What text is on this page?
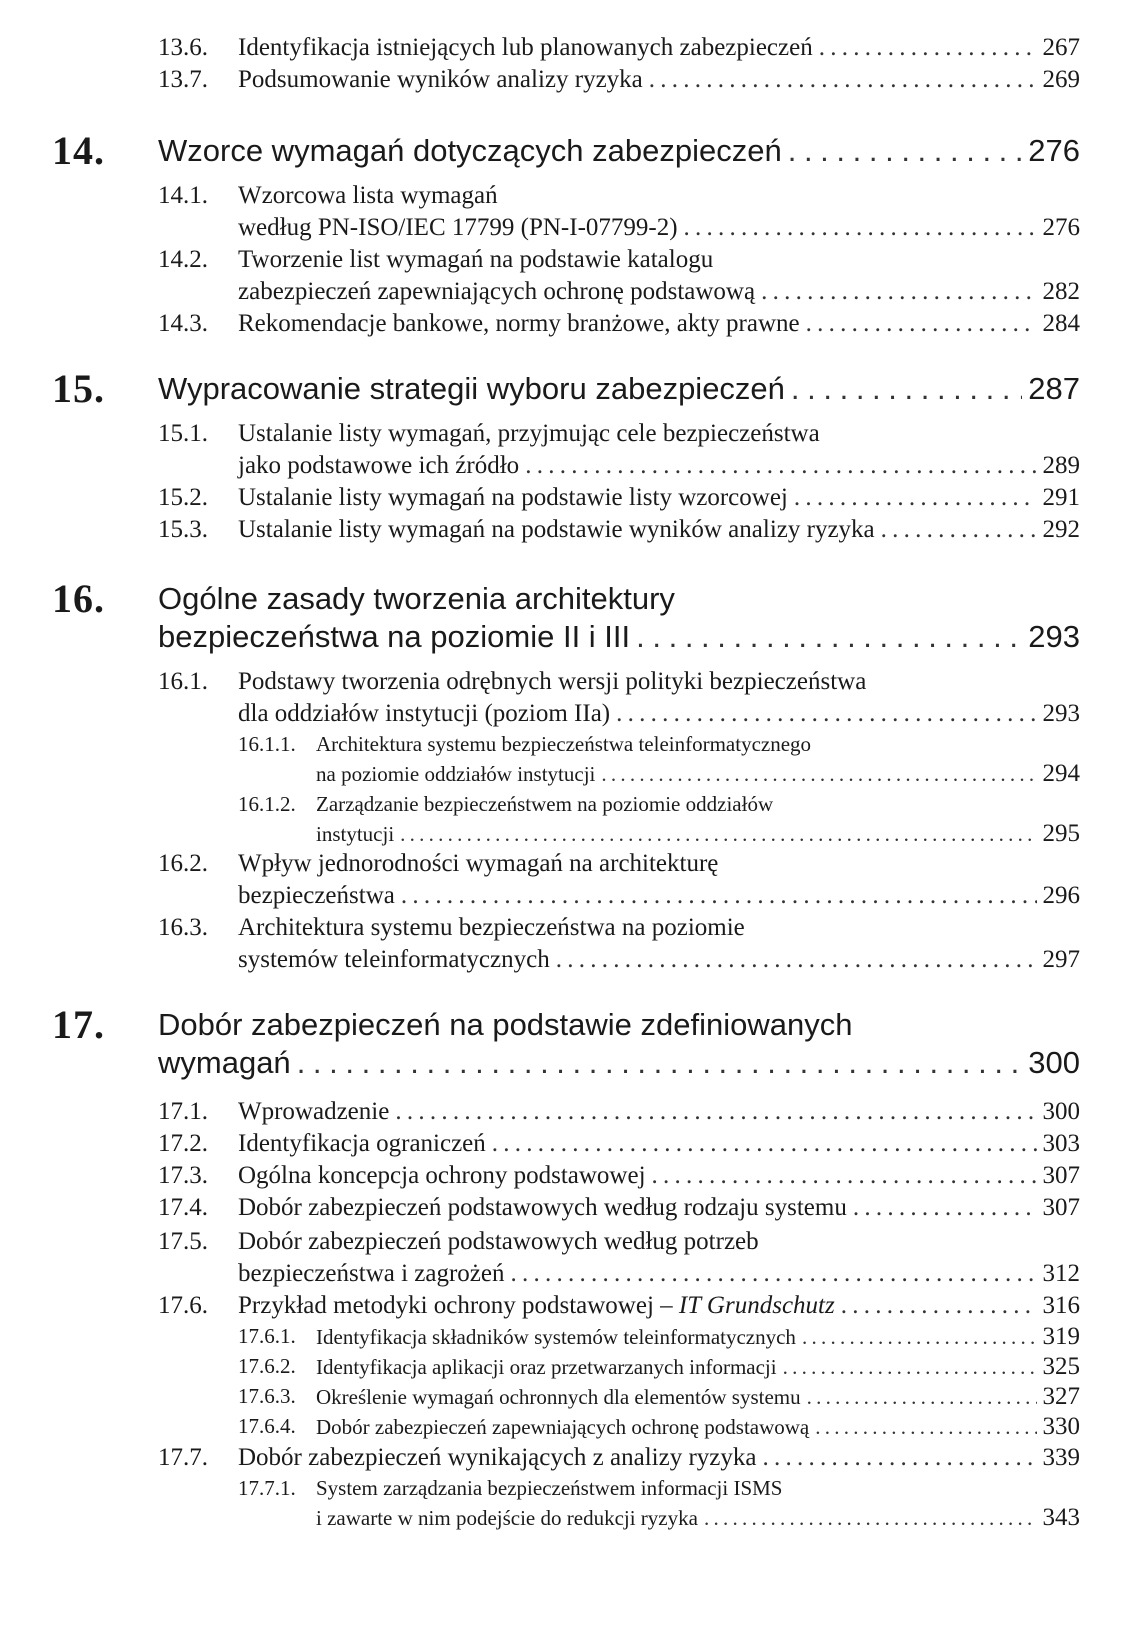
13.6. Identyfikacja istniejących lub planowanych zabezpieczeń . . .	267
13.7. Podsumowanie wyników analizy ryzyka . . .	269
14. Wzorce wymagań dotyczących zabezpieczeń . . .	276
14.1. Wzorcowa lista wymagań
według PN-ISO/IEC 17799 (PN-I-07799-2) . . .	276
14.2. Tworzenie list wymagań na podstawie katalogu
zabezpieczeń zapewniających ochronę podstawową . . .	282
14.3. Rekomendacje bankowe, normy branżowe, akty prawne . . .	284
15. Wypracowanie strategii wyboru zabezpieczeń . . .	287
15.1. Ustalanie listy wymagań, przyjmując cele bezpieczeństwa
jako podstawowe ich źródło . . .	289
15.2. Ustalanie listy wymagań na podstawie listy wzorcowej . . .	291
15.3. Ustalanie listy wymagań na podstawie wyników analizy ryzyka . . .	292
16. Ogólne zasady tworzenia architektury
bezpieczeństwa na poziomie II i III . . .	293
16.1. Podstawy tworzenia odrębnych wersji polityki bezpieczeństwa
dla oddziałów instytucji (poziom IIa) . . .	293
16.1.1. Architektura systemu bezpieczeństwa teleinformatycznego
na poziomie oddziałów instytucji . . .	294
16.1.2. Zarządzanie bezpieczeństwem na poziomie oddziałów
instytucji . . .	295
16.2. Wpływ jednorodności wymagań na architekturę
bezpieczeństwa . . .	296
16.3. Architektura systemu bezpieczeństwa na poziomie
systemów teleinformatycznych . . .	297
17. Dobór zabezpieczeń na podstawie zdefiniowanych
wymagań . . .	300
17.1. Wprowadzenie . . .	300
17.2. Identyfikacja ograniczeń . . .	303
17.3. Ogólna koncepcja ochrony podstawowej . . .	307
17.4. Dobór zabezpieczeń podstawowych według rodzaju systemu . . .	307
17.5. Dobór zabezpieczeń podstawowych według potrzeb
bezpieczeństwa i zagrożeń . . .	312
17.6. Przykład metodyki ochrony podstawowej – IT Grundschutz . . .	316
17.6.1. Identyfikacja składników systemów teleinformatycznych . . .	319
17.6.2. Identyfikacja aplikacji oraz przetwarzanych informacji . . .	325
17.6.3. Określenie wymagań ochronnych dla elementów systemu . . .	327
17.6.4. Dobór zabezpieczeń zapewniających ochronę podstawową . . .	330
17.7. Dobór zabezpieczeń wynikających z analizy ryzyka . . .	339
17.7.1. System zarządzania bezpieczeństwem informacji ISMS
i zawarte w nim podejście do redukcji ryzyka . . .	343
